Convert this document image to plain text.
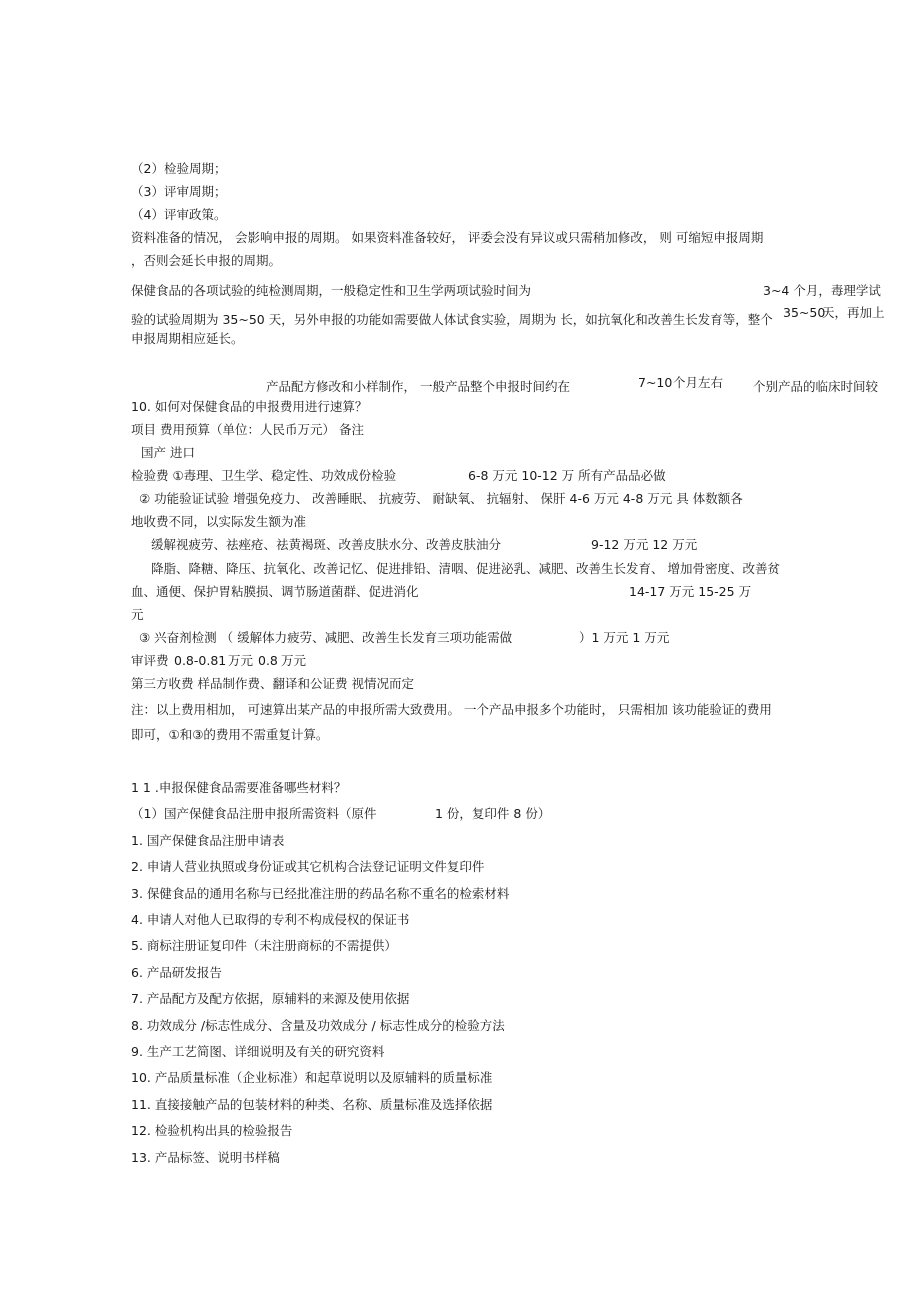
（2）检验周期；
（3）评审周期；
（4）评审政策。
资料准备的情况， 会影响申报的周期。 如果资料准备较好， 评委会没有异议或只需稍加修改， 则 可缩短申报周期
，否则会延长申报的周期。
保健食品的各项试验的纯检测周期，一般稳定性和卫生学两项试验时间为	3~4 个月，毒理学试
验的试验周期为 35~50 天，另外申报的功能如需要做人体试食实验，周期为 长，如抗氧化和改善生长发育等，整个 35~50
天，再加上
申报周期相应延长。
产品配方修改和小样制作， 一般产品整个申报时间约在	7~10 个月左右 个别产品的临床时间较
10. 如何对保健食品的申报费用进行速算？
项目 费用预算（单位：人民币万元） 备注
国产 进口
检验费 ①毒理、卫生学、稳定性、功效成份检验	6-8 万元 10-12 万 所有产品品必做
② 功能验证试验 增强免疫力、 改善睡眠、 抗疲劳、 耐缺氧、 抗辐射、 保肝 4-6 万元 4-8 万元 具 体数额各
地收费不同，以实际发生额为准
缓解视疲劳、祛痤疮、祛黄褐斑、改善皮肤水分、改善皮肤油分	9-12 万元 12 万元
降脂、降糖、降压、抗氧化、改善记忆、促进排铅、清咽、促进泌乳、减肥、改善生长发育、 增加骨密度、改善贫
血、通便、保护胃粘膜损、调节肠道菌群、促进消化	14-17 万元 15-25 万
元
③ 兴奋剂检测 （ 缓解体力疲劳、减肥、改善生长发育三项功能需做	）1 万元 1 万元
审评费 0.8-0.81 万元 0.8 万元
第三方收费 样品制作费、翻译和公证费 视情况而定
注：以上费用相加， 可速算出某产品的申报所需大致费用。 一个产品申报多个功能时， 只需相加 该功能验证的费用
即可，①和③的费用不需重复计算。
1 1 .申报保健食品需要准备哪些材料？
（1）国产保健食品注册申报所需资料（原件	1 份，复印件 8 份）
1. 国产保健食品注册申请表
2. 申请人营业执照或身份证或其它机构合法登记证明文件复印件
3. 保健食品的通用名称与已经批准注册的药品名称不重名的检索材料
4. 申请人对他人已取得的专利不构成侵权的保证书
5. 商标注册证复印件（未注册商标的不需提供）
6. 产品研发报告
7. 产品配方及配方依据，原辅料的来源及使用依据
8. 功效成分 /标志性成分、含量及功效成分 / 标志性成分的检验方法
9. 生产工艺简图、详细说明及有关的研究资料
10. 产品质量标准（企业标准）和起草说明以及原辅料的质量标准
11. 直接接触产品的包装材料的种类、名称、质量标准及选择依据
12. 检验机构出具的检验报告
13. 产品标签、说明书样稿
